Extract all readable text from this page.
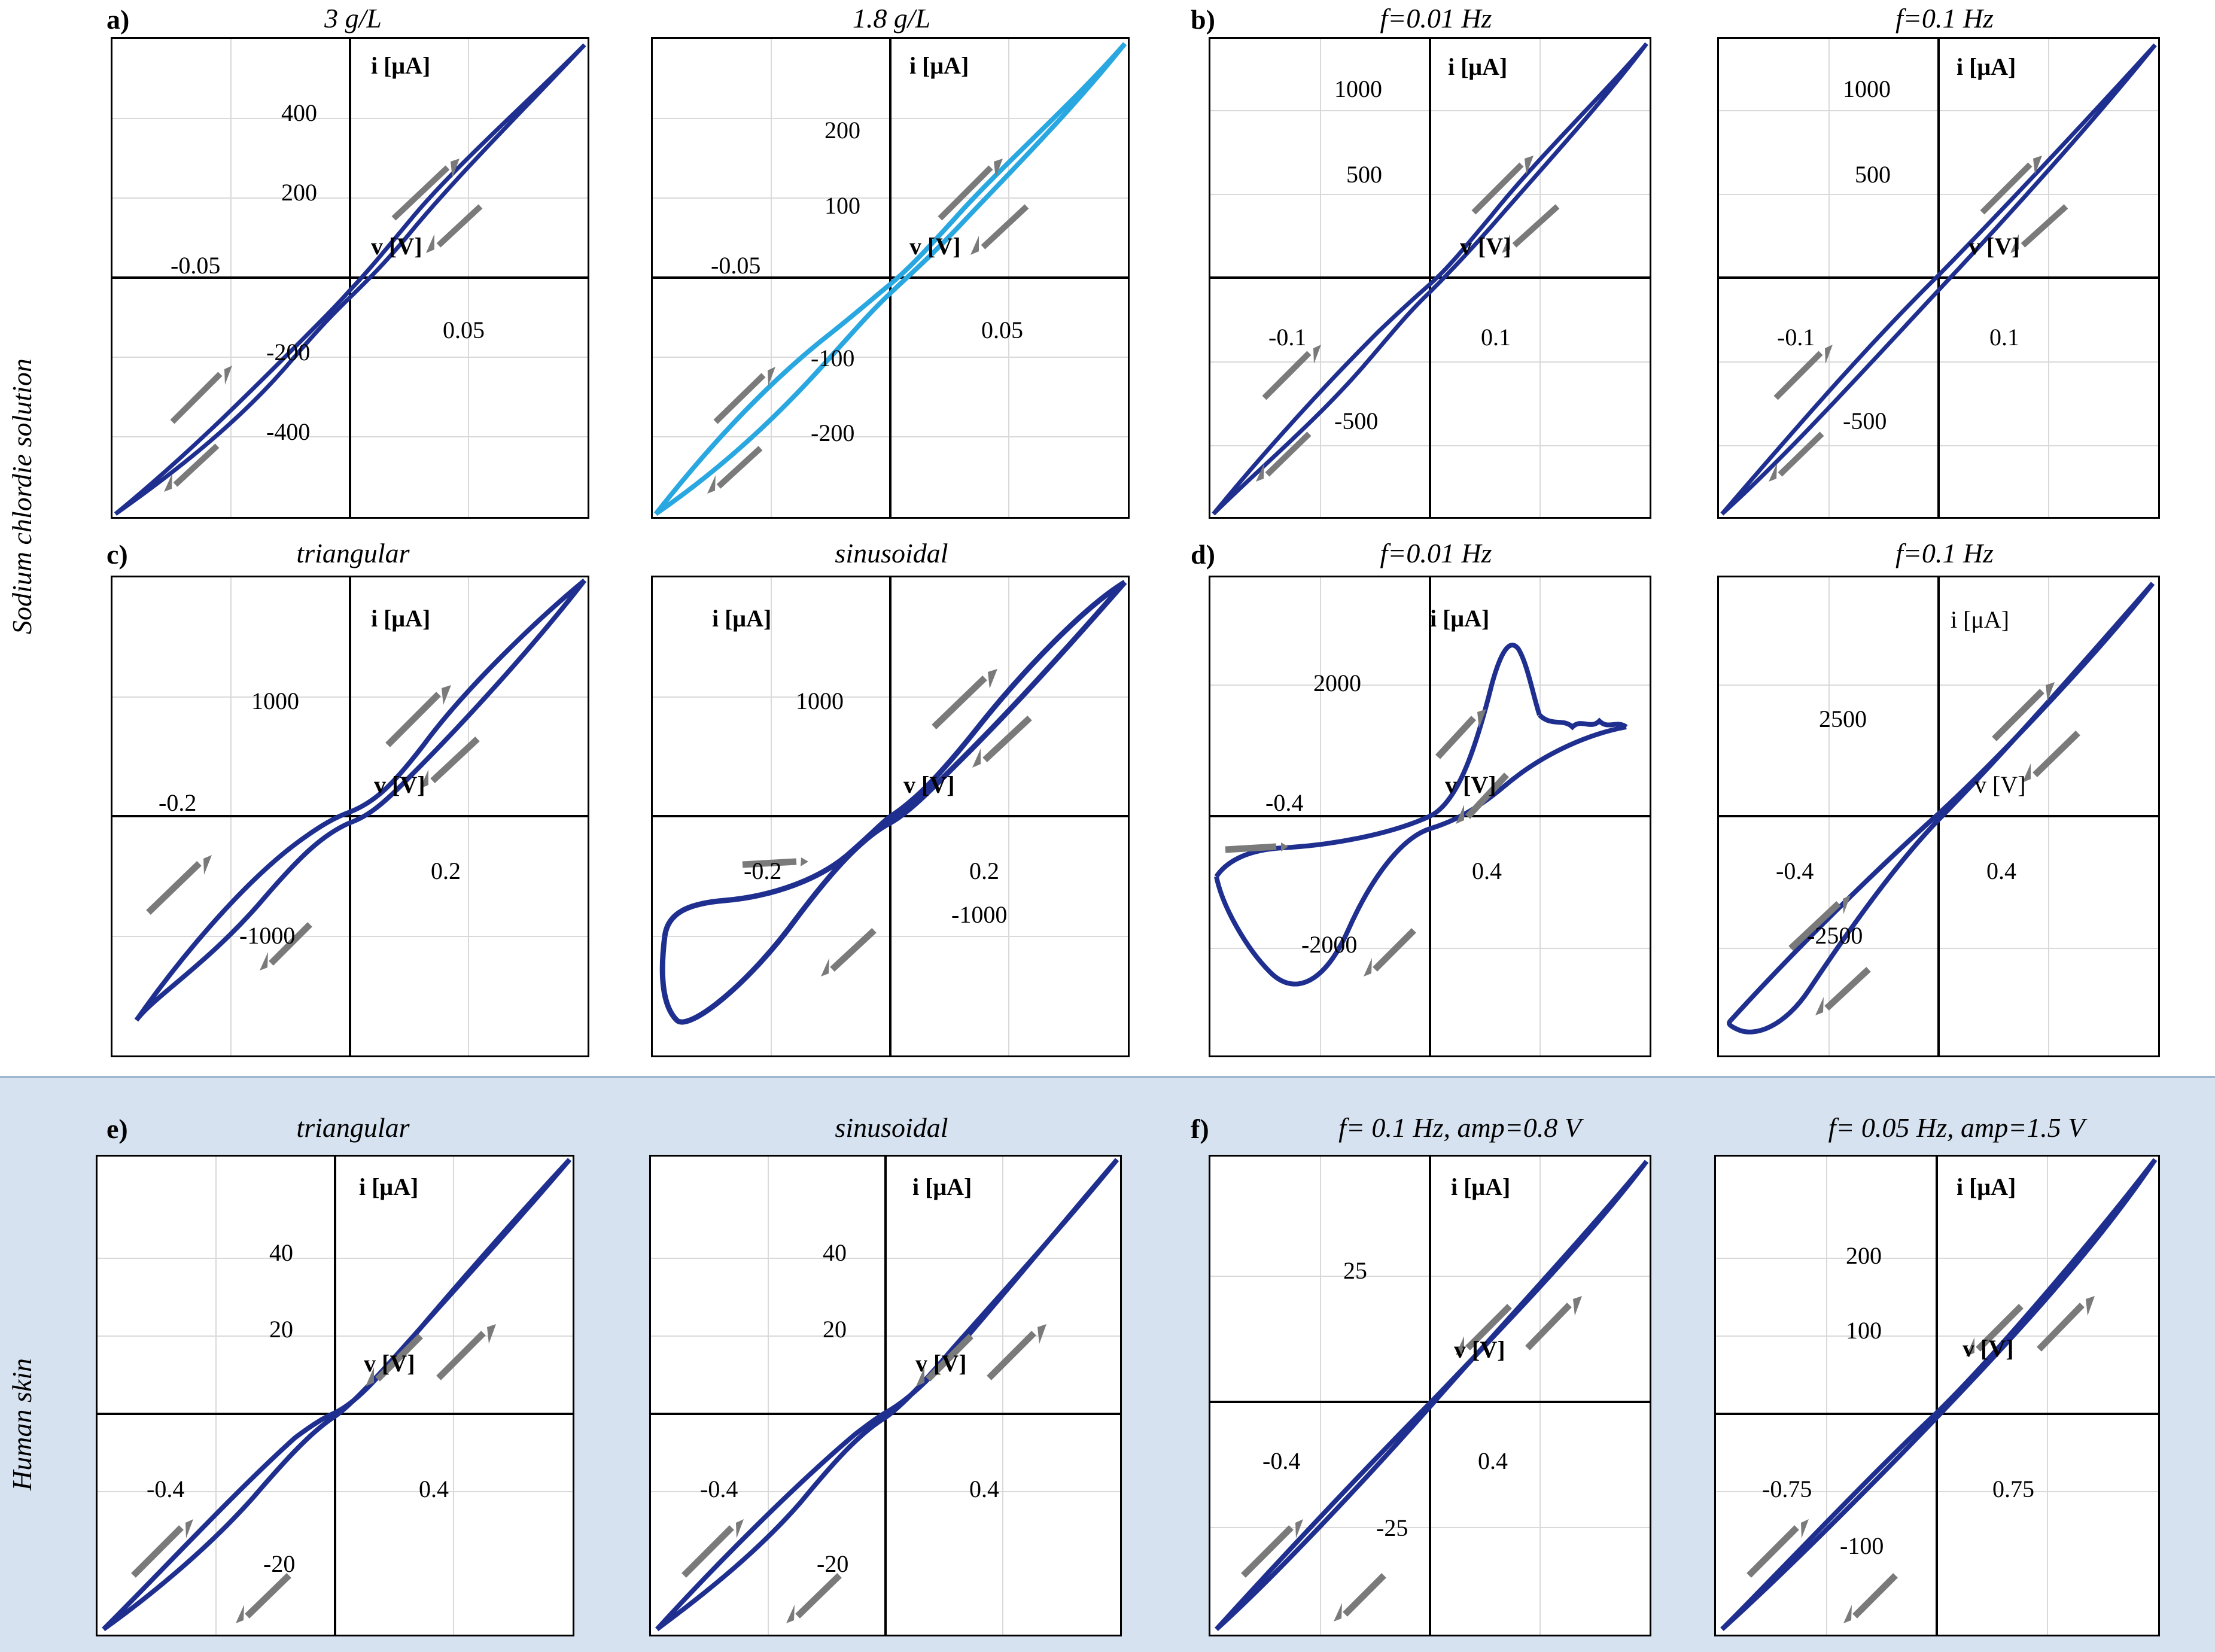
Sodium chlordie solution
Human skin
a)	3 g/L	1.8 g/L
i [μA]
v [V]
400
200
-200
-400
-0.05
0.05
i [μA]
v [V]
200
100
-100
-200
-0.05
0.05
b)	f=0.01 Hz	f=0.1 Hz
i [μA]
v [V]
1000
500
-500
-0.1	0.1
i [μA]
v [V]
1000
500
-500
-0.1	0.1
c)	triangular	sinusoidal
i [μA]
v [V]
1000
-1000
-0.2
0.2
i [μA]
v [V]
1000
-1000
-0.2	0.2
d)	f=0.01 Hz	f=0.1 Hz
i [μA]
v [V]
2000
-2000
-0.4
0.4
i [μA]
v [V]
2500
-2500
-0.4	0.4
e)	triangular	sinusoidal
i [μA]
v [V]
40
20
-20
-0.4	0.4
i [μA]
v [V]
40
20
-20
-0.4	0.4
f)	f= 0.1 Hz, amp=0.8 V	f= 0.05 Hz, amp=1.5 V
i [μA]
v [V]
25
-25
-0.4	0.4
i [μA]
v [V]
200
100
-100
-0.75	0.75
